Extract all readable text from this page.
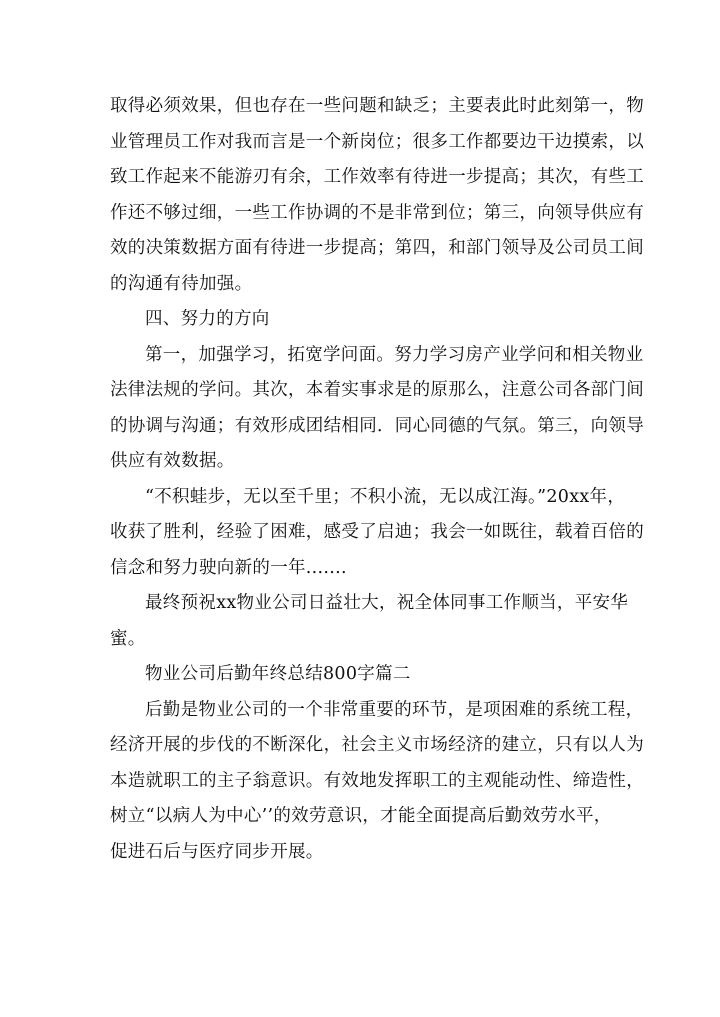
取得必须效果，但也存在一些问题和缺乏；主要表此时此刻第一，物
业管理员工作对我而言是一个新岗位；很多工作都要边干边摸索，以
致工作起来不能游刃有余，工作效率有待进一步提高；其次，有些工
作还不够过细，一些工作协调的不是非常到位；第三，向领导供应有
效的决策数据方面有待进一步提高；第四，和部门领导及公司员工间
的沟通有待加强。
四、努力的方向
第一，加强学习，拓宽学问面。努力学习房产业学问和相关物业
法律法规的学问。其次，本着实事求是的原那么，注意公司各部门间
的协调与沟通；有效形成团结相同．同心同德的气氛。第三，向领导
供应有效数据。
“不积蛙步，无以至千里；不积小流，无以成江海。”20xx年，
收获了胜利，经验了困难，感受了启迪；我会一如既往，载着百倍的
信念和努力驶向新的一年.......
最终预祝xx物业公司日益壮大，祝全体同事工作顺当，平安华
蜜。
物业公司后勤年终总结800字篇二
后勤是物业公司的一个非常重要的环节，是项困难的系统工程，
经济开展的步伐的不断深化，社会主义市场经济的建立，只有以人为
本造就职工的主子翁意识。有效地发挥职工的主观能动性、缔造性，
树立“以病人为中心’’的效劳意识，才能全面提高后勤效劳水平，
促进石后与医疗同步开展。
